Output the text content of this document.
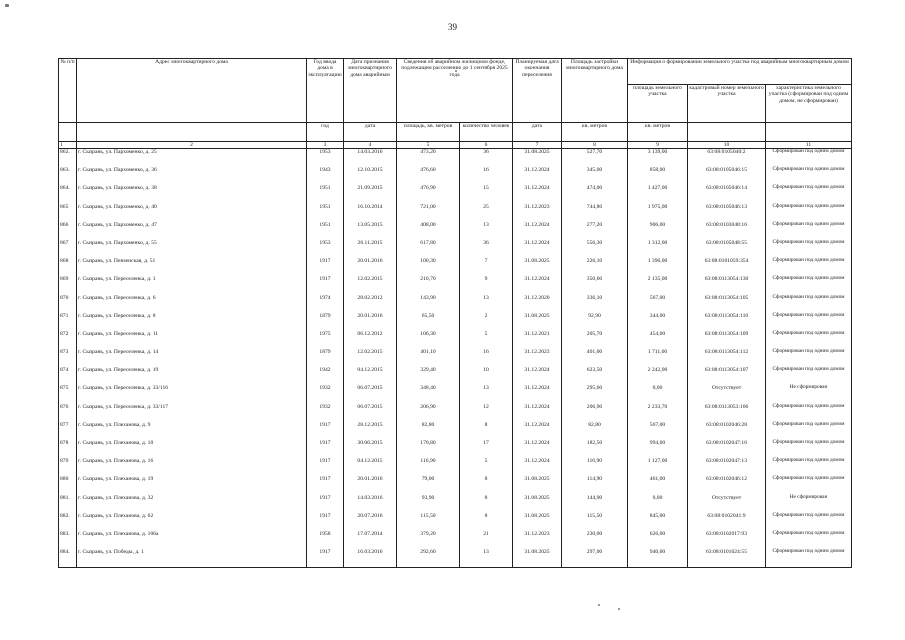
39
№ п/п	Адрес многоквартирного дома	Год ввода дома в эксплуатацию	Дата признания многоквартирного дома аварийным	Сведения об аварийном жилищном фонде, подлежащем расселению до 1 сентября 2025 года		Планируемая дата окончания переселения	Площадь застройки многоквартирного дома	Информация о формировании земельного участка под аварийным многоквартирным домом		
								площадь земельного участка	кадастровый номер земельного участка	характеристика земельного участка (сформирован под одним домом, не сформирован)
		год	дата	площадь, кв. метров	количество человек	дата	кв. метров	кв. метров		
1	2	3	4	5	6	7	8	9	10	11
862.	г. Сызрань, ул. Пархоменко, д. 25	1953	14.03.2016	473,20	36	31.08.2025	527,70	3 139,00	63:08:0105040:2	Сформирован под одним домом
863.	г. Сызрань, ул. Пархоменко, д. 36	1943	12.10.2015	476,60	16	31.12.2024	345,00	858,00	63:08:0105046:15	Сформирован под одним домом
864.	г. Сызрань, ул. Пархоменко, д. 38	1951	21.09.2015	476,90	15	31.12.2024	474,00	1 427,00	63:08:0105046:14	Сформирован под одним домом
865	г. Сызрань, ул. Пархоменко, д. 40	1951	16.10.2014	721,00	25	31.12.2023	744,80	1 975,00	63:08:0105046:13	Сформирован под одним домом
866	г. Сызрань, ул. Пархоменко, д. 47	1951	13.05.2015	408,00	13	31.12.2024	277,20	906,00	63:08:0103048:16	Сформирован под одним домом
867	г. Сызрань, ул. Пархоменко, д. 55	1953	26.11.2015	617,80	36	31.12.2024	556,30	1 312,00	63:08:0105048:55	Сформирован под одним домом
868	г. Сызрань, ул. Пензенская, д. 51	1917	20.01.2016	100,30	7	31.08.2025	226,10	1 396,00	63:08:0101059:354	Сформирован под одним домом
869	г. Сызрань, ул. Переселенка, д. 1	1917	12.02.2015	210,70	9	31.12.2024	350,60	2 135,00	63:08:0113054:130	Сформирован под одним домом
870	г. Сызрань, ул. Переселенка, д. 6	1974	28.02.2012	143,90	13	31.12.2020	336,10	567,00	63:08:0113054:105	Сформирован под одним домом
871	г. Сызрань, ул. Переселенка, д. 8	1879	20.01.2016	65,50	2	31.08.2025	92,90	344,00	63:08:0113054:110	Сформирован под одним домом
872	г. Сызрань, ул. Переселенка, д. 11	1975	06.12.2012	106,30	5	31.12.2021	205,70	454,00	63:08:0113054:109	Сформирован под одним домом
873	г. Сызрань, ул. Переселенка, д. 14	1879	12.02.2015	401,10	16	31.12.2023	401,00	1 711,00	63:08:0113054:112	Сформирован под одним домом
874	г. Сызрань, ул. Переселенка, д. 19	1942	04.12.2015	329,40	10	31.12.2024	623,50	2 242,00	63:08:0113054:107	Сформирован под одним домом
875	г. Сызрань, ул. Переселенка, д. 33/116	1932	06.07.2015	348,40	13	31.12.2024	295,60	0,00	Отсутствует	Не сформирован
876	г. Сызрань, ул. Переселенка, д. 33/117	1932	06.07.2015	206,90	12	31.12.2024	206,90	2 233,70	63:08:0113053:106	Сформирован под одним домом
877	г. Сызрань, ул. Плеханова, д. 9	1917	28.12.2015	82,80	8	31.12.2024	82,80	567,00	63:08:0102046:28	Сформирован под одним домом
878	г. Сызрань, ул. Плеханова, д. 10	1917	30.06.2015	170,80	17	31.12.2024	182,50	994,00	63:08:0102047:16	Сформирован под одним домом
879	г. Сызрань, ул. Плеханова, д. 16	1917	04.12.2015	116,90	5	31.12.2024	116,90	1 127,00	63:08:0102047:13	Сформирован под одним домом
880	г. Сызрань, ул. Плеханова, д. 19	1917	20.01.2016	79,00	8	31.08.2025	114,90	461,00	63:08:0102046:12	Сформирован под одним домом
881.	г. Сызрань, ул. Плеханова, д. 32	1917	14.03.2016	93,90	8	31.08.2025	144,90	0,00	Отсутствует	Не сформирован
882.	г. Сызрань, ул. Плеханова, д. 62	1917	20.07.2016	115,50	8	31.08.2025	115,50	845,00	63:08:0102041:9	Сформирован под одним домом
883.	г. Сызрань, ул. Плеханова, д. 106а	1958	17.07.2014	379,20	21	31.12.2023	230,00	626,00	63:08:0102017:93	Сформирован под одним домом
884.	г. Сызрань, ул. Победы, д. 1	1917	16.03.2016	292,60	13	31.08.2025	297,00	940,00	63:08:0101024:55	Сформирован под одним домом
